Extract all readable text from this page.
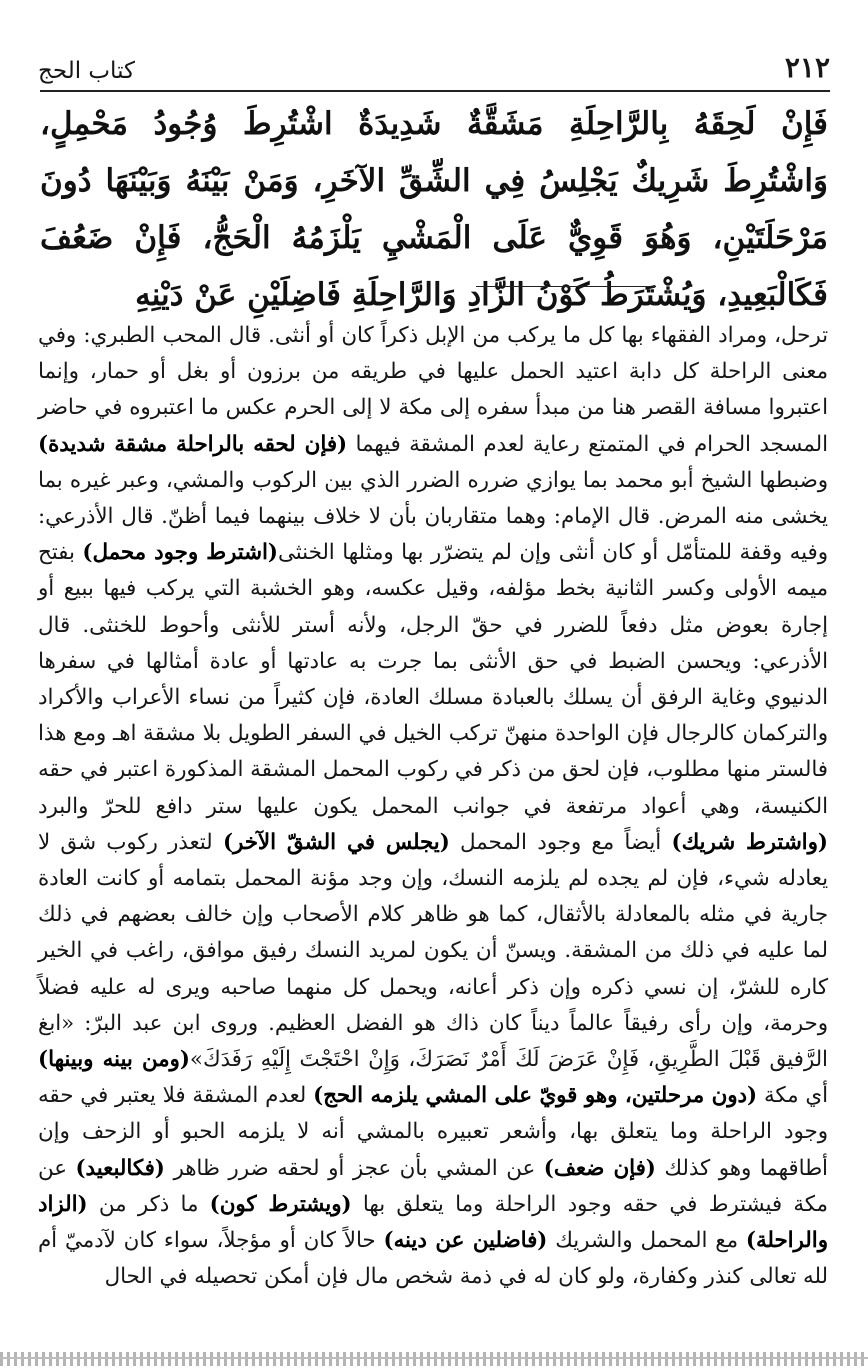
٢١٢
كتاب الحج
فَإِنْ لَحِقَهُ بِالرَّاحِلَةِ مَشَقَّةٌ شَدِيدَةٌ اشْتُرِطَ وُجُودُ مَحْمِلٍ، وَاشْتُرِطَ شَرِيكٌ يَجْلِسُ فِي الشِّقِّ الآخَرِ، وَمَنْ بَيْنَهُ وَبَيْنَهَا دُونَ مَرْحَلَتَيْنِ، وَهُوَ قَوِيٌّ عَلَى الْمَشْيِ يَلْزَمُهُ الْحَجُّ، فَإِنْ ضَعُفَ فَكَالْبَعِيدِ، وَيُشْتَرَطُ كَوْنُ الزَّادِ وَالرَّاحِلَةِ فَاضِلَيْنِ عَنْ دَيْنِهِ
ترحل، ومراد الفقهاء بها كل ما يركب من الإبل ذكراً كان أو أنثى. قال المحب الطبري: وفي معنى الراحلة كل دابة اعتيد الحمل عليها في طريقه من برزون أو بغل أو حمار، وإنما اعتبروا مسافة القصر هنا من مبدأ سفره إلى مكة لا إلى الحرم عكس ما اعتبروه في حاضر المسجد الحرام في المتمتع رعاية لعدم المشقة فيهما (فإن لحقه بالراحلة مشقة شديدة) وضبطها الشيخ أبو محمد بما يوازي ضرره الضرر الذي بين الركوب والمشي، وعبر غيره بما يخشى منه المرض. قال الإمام: وهما متقاربان بأن لا خلاف بينهما فيما أظنّ. قال الأذرعي: وفيه وقفة للمتأمّل أو كان أنثى وإن لم يتضرّر بها ومثلها الخنثى(اشترط وجود محمل) بفتح ميمه الأولى وكسر الثانية بخط مؤلفه، وقيل عكسه، وهو الخشبة التي يركب فيها ببيع أو إجارة بعوض مثل دفعاً للضرر في حقّ الرجل، ولأنه أستر للأنثى وأحوط للخنثى. قال الأذرعي: ويحسن الضبط في حق الأنثى بما جرت به عادتها أو عادة أمثالها في سفرها الدنيوي وغاية الرفق أن يسلك بالعبادة مسلك العادة، فإن كثيراً من نساء الأعراب والأكراد والتركمان كالرجال فإن الواحدة منهنّ تركب الخيل في السفر الطويل بلا مشقة اهـ ومع هذا فالستر منها مطلوب، فإن لحق من ذكر في ركوب المحمل المشقة المذكورة اعتبر في حقه الكنيسة، وهي أعواد مرتفعة في جوانب المحمل يكون عليها ستر دافع للحرّ والبرد (واشترط شريك) أيضاً مع وجود المحمل (يجلس في الشقّ الآخر) لتعذر ركوب شق لا يعادله شيء، فإن لم يجده لم يلزمه النسك، وإن وجد مؤنة المحمل بتمامه أو كانت العادة جارية في مثله بالمعادلة بالأثقال، كما هو ظاهر كلام الأصحاب وإن خالف بعضهم في ذلك لما عليه في ذلك من المشقة. ويسنّ أن يكون لمريد النسك رفيق موافق، راغب في الخير كاره للشرّ، إن نسي ذكره وإن ذكر أعانه، ويحمل كل منهما صاحبه ويرى له عليه فضلاً وحرمة، وإن رأى رفيقاً عالماً ديناً كان ذاك هو الفضل العظيم. وروى ابن عبد البرّ: «ابغ الرَّفيق قَبْلَ الطَّرِيقِ، فَإِنْ عَرَضَ لَكَ أَمْرٌ نَصَرَكَ، وَإِنْ احْتَجْتَ إِلَيْهِ رَفَدَكَ»(ومن بينه وبينها) أي مكة (دون مرحلتين، وهو قويّ على المشي يلزمه الحج) لعدم المشقة فلا يعتبر في حقه وجود الراحلة وما يتعلق بها، وأشعر تعبيره بالمشي أنه لا يلزمه الحبو أو الزحف وإن أطاقهما وهو كذلك (فإن ضعف) عن المشي بأن عجز أو لحقه ضرر ظاهر (فكالبعيد) عن مكة فيشترط في حقه وجود الراحلة وما يتعلق بها (ويشترط كون) ما ذكر من (الزاد والراحلة) مع المحمل والشريك (فاضلين عن دينه) حالاً كان أو مؤجلاً، سواء كان لآدميّ أم لله تعالى كنذر وكفارة، ولو كان له في ذمة شخص مال فإن أمكن تحصيله في الحال
